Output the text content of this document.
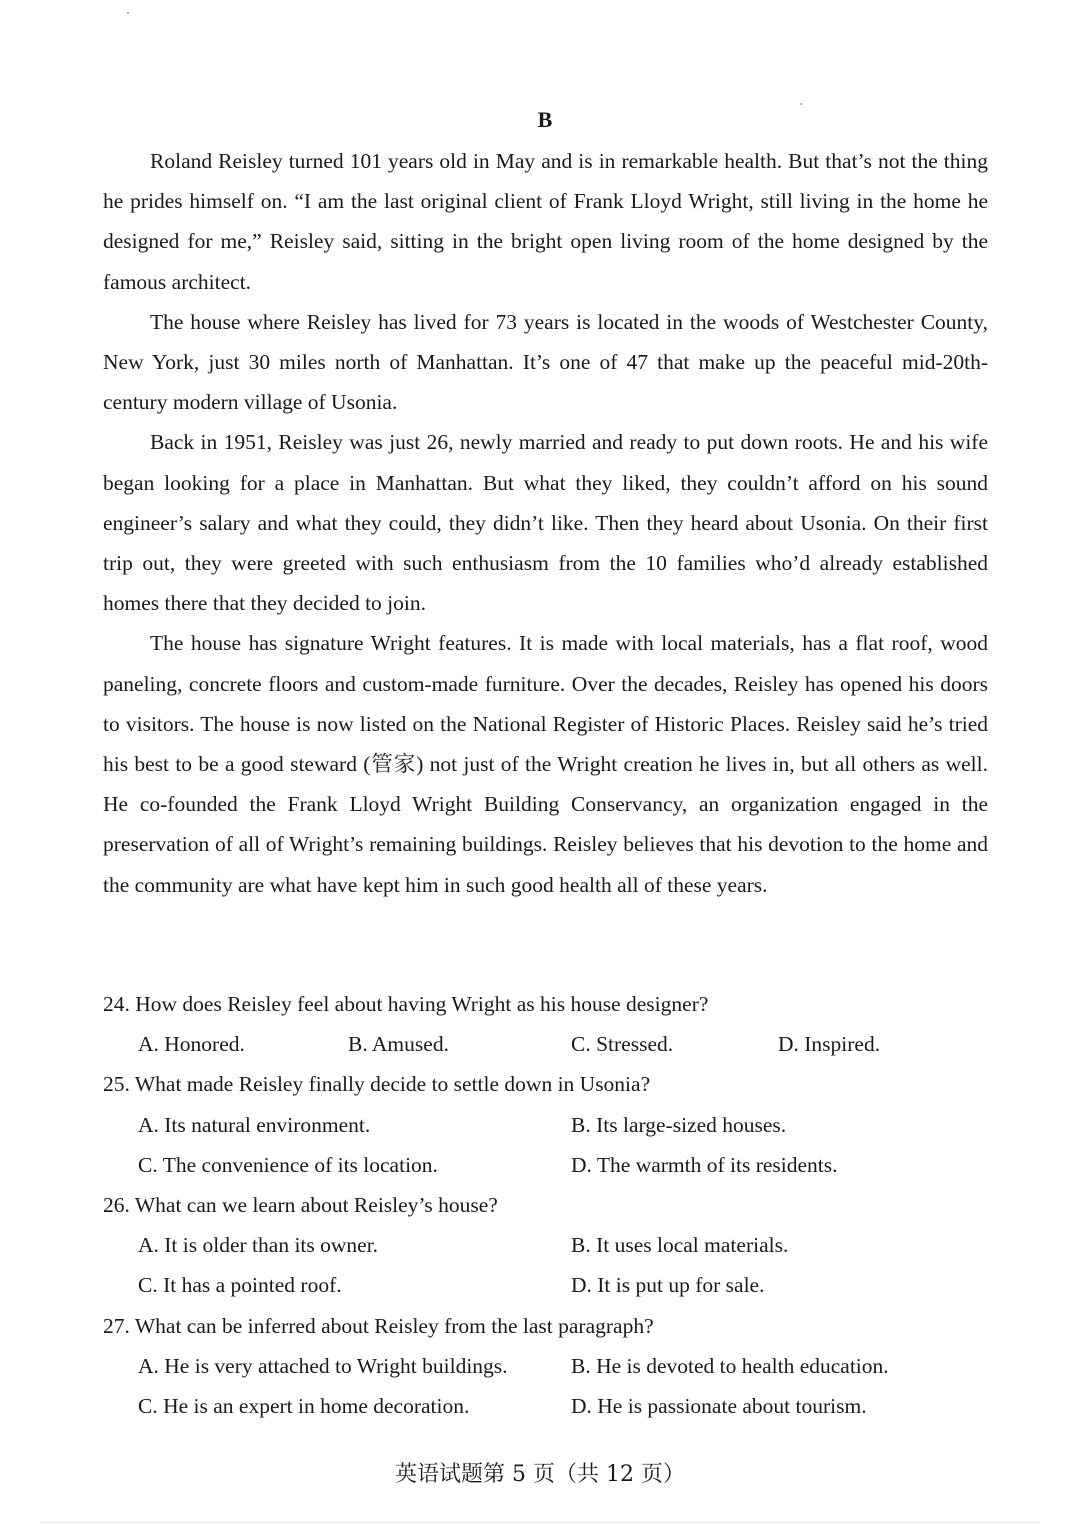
B

Roland Reisley turned 101 years old in May and is in remarkable health. But that’s not the thing he prides himself on. “I am the last original client of Frank Lloyd Wright, still living in the home he designed for me,” Reisley said, sitting in the bright open living room of the home designed by the famous architect.

The house where Reisley has lived for 73 years is located in the woods of Westchester County, New York, just 30 miles north of Manhattan. It’s one of 47 that make up the peaceful mid-20th-century modern village of Usonia.

Back in 1951, Reisley was just 26, newly married and ready to put down roots. He and his wife began looking for a place in Manhattan. But what they liked, they couldn’t afford on his sound engineer’s salary and what they could, they didn’t like. Then they heard about Usonia. On their first trip out, they were greeted with such enthusiasm from the 10 families who’d already established homes there that they decided to join.

The house has signature Wright features. It is made with local materials, has a flat roof, wood paneling, concrete floors and custom-made furniture. Over the decades, Reisley has opened his doors to visitors. The house is now listed on the National Register of Historic Places. Reisley said he’s tried his best to be a good steward (管家) not just of the Wright creation he lives in, but all others as well. He co-founded the Frank Lloyd Wright Building Conservancy, an organization engaged in the preservation of all of Wright’s remaining buildings. Reisley believes that his devotion to the home and the community are what have kept him in such good health all of these years.

24. How does Reisley feel about having Wright as his house designer?

A. Honored.	B. Amused.	C. Stressed.	D. Inspired.

25. What made Reisley finally decide to settle down in Usonia?

A. Its natural environment.	B. Its large-sized houses.
C. The convenience of its location.	D. The warmth of its residents.

26. What can we learn about Reisley’s house?

A. It is older than its owner.	B. It uses local materials.
C. It has a pointed roof.	D. It is put up for sale.

27. What can be inferred about Reisley from the last paragraph?

A. He is very attached to Wright buildings.	B. He is devoted to health education.
C. He is an expert in home decoration.	D. He is passionate about tourism.
英语试题第 5 页（共 12 页）
